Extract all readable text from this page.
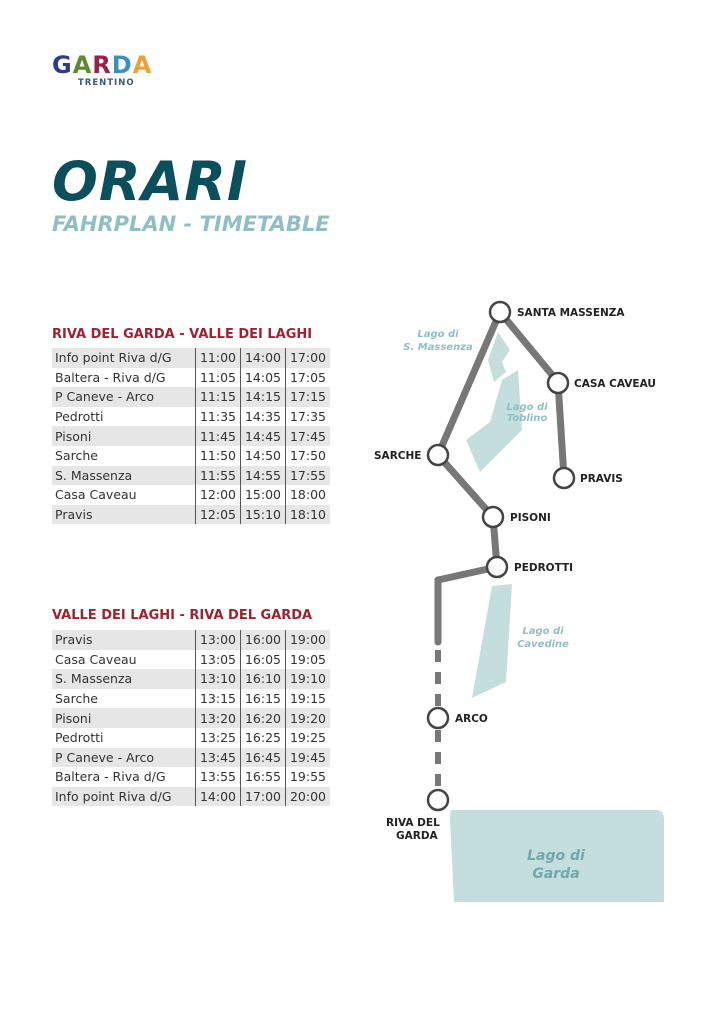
G A R D A
TRENTINO
ORARI
FAHRPLAN - TIMETABLE
RIVA DEL GARDA - VALLE DEI LAGHI
Info point Riva d/G	11:00	14:00	17:00
Baltera - Riva d/G	11:05	14:05	17:05
P Caneve - Arco	11:15	14:15	17:15
Pedrotti	11:35	14:35	17:35
Pisoni	11:45	14:45	17:45
Sarche	11:50	14:50	17:50
S. Massenza	11:55	14:55	17:55
Casa Caveau	12:00	15:00	18:00
Pravis	12:05	15:10	18:10
VALLE DEI LAGHI - RIVA DEL GARDA
Pravis	13:00	16:00	19:00
Casa Caveau	13:05	16:05	19:05
S. Massenza	13:10	16:10	19:10
Sarche	13:15	16:15	19:15
Pisoni	13:20	16:20	19:20
Pedrotti	13:25	16:25	19:25
P Caneve - Arco	13:45	16:45	19:45
Baltera - Riva d/G	13:55	16:55	19:55
Info point Riva d/G	14:00	17:00	20:00
SANTA MASSENZA
CASA CAVEAU
PRAVIS
SARCHE
PISONI
PEDROTTI
ARCO
RIVA DEL
GARDA
Lago di
S. Massenza
Lago di
Toblino
Lago di
Cavedine
Lago di
Garda
